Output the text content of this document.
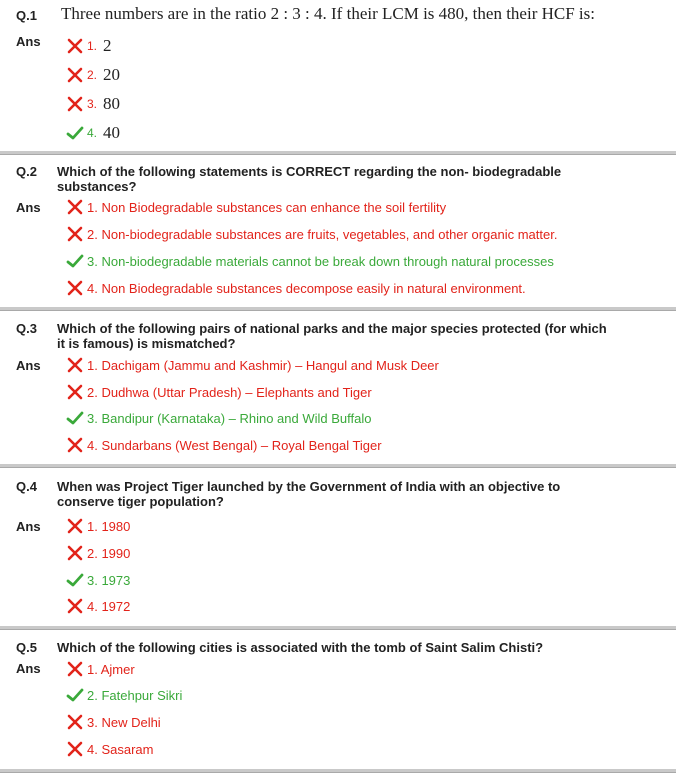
Q.1 Three numbers are in the ratio 2 : 3 : 4. If their LCM is 480, then their HCF is:
Ans	1. 2
2. 20
3. 80
4. 40
Q.2 Which of the following statements is CORRECT regarding the non- biodegradable substances?
Ans	1. Non Biodegradable substances can enhance the soil fertility
2. Non-biodegradable substances are fruits, vegetables, and other organic matter.
3. Non-biodegradable materials cannot be break down through natural processes
4. Non Biodegradable substances decompose easily in natural environment.
Q.3 Which of the following pairs of national parks and the major species protected (for which it is famous) is mismatched?
Ans	1. Dachigam (Jammu and Kashmir) – Hangul and Musk Deer
2. Dudhwa (Uttar Pradesh) – Elephants and Tiger
3. Bandipur (Karnataka) – Rhino and Wild Buffalo
4. Sundarbans (West Bengal) – Royal Bengal Tiger
Q.4 When was Project Tiger launched by the Government of India with an objective to conserve tiger population?
Ans	1. 1980
2. 1990
3. 1973
4. 1972
Q.5 Which of the following cities is associated with the tomb of Saint Salim Chisti?
Ans	1. Ajmer
2. Fatehpur Sikri
3. New Delhi
4. Sasaram
